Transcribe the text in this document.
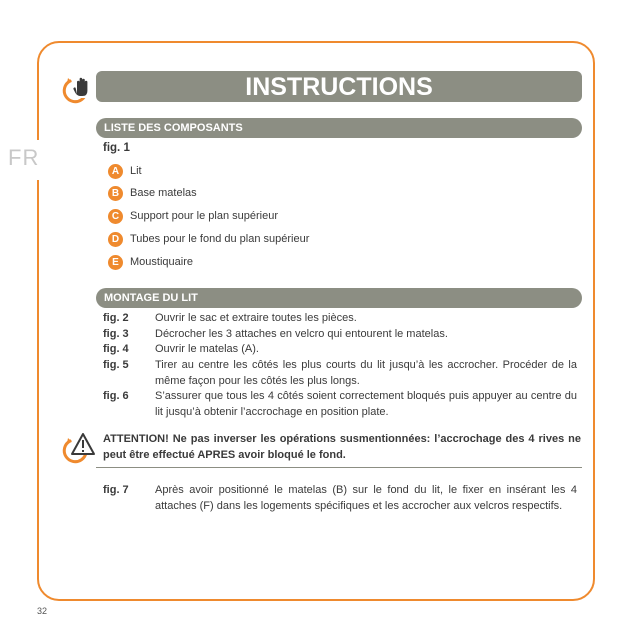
FR
32
INSTRUCTIONS
LISTE DES COMPOSANTS
fig. 1
A Lit
B Base matelas
C Support pour le plan supérieur
D Tubes pour le fond du plan supérieur
E	Moustiquaire
MONTAGE DU LIT
fig. 2 Ouvrir le sac et extraire toutes les pièces.
fig. 3 Décrocher les 3 attaches en velcro qui entourent le matelas.
fig. 4 Ouvrir le matelas (A).
fig. 5 Tirer au centre les côtés les plus courts du lit jusqu’à les accrocher. Procéder de la même façon pour les côtés les plus longs.
fig. 6 S’assurer que tous les 4 côtés soient correctement bloqués puis appuyer au centre du lit jusqu’à obtenir l’accrochage en position plate.
ATTENTION! Ne pas inverser les opérations susmentionnées: l’accrochage des 4 rives ne peut être effectué APRES avoir bloqué le fond.
fig. 7 Après avoir positionné le matelas (B) sur le fond du lit, le fixer en insérant les 4 attaches (F) dans les logements spécifiques et les accrocher aux velcros respectifs.
